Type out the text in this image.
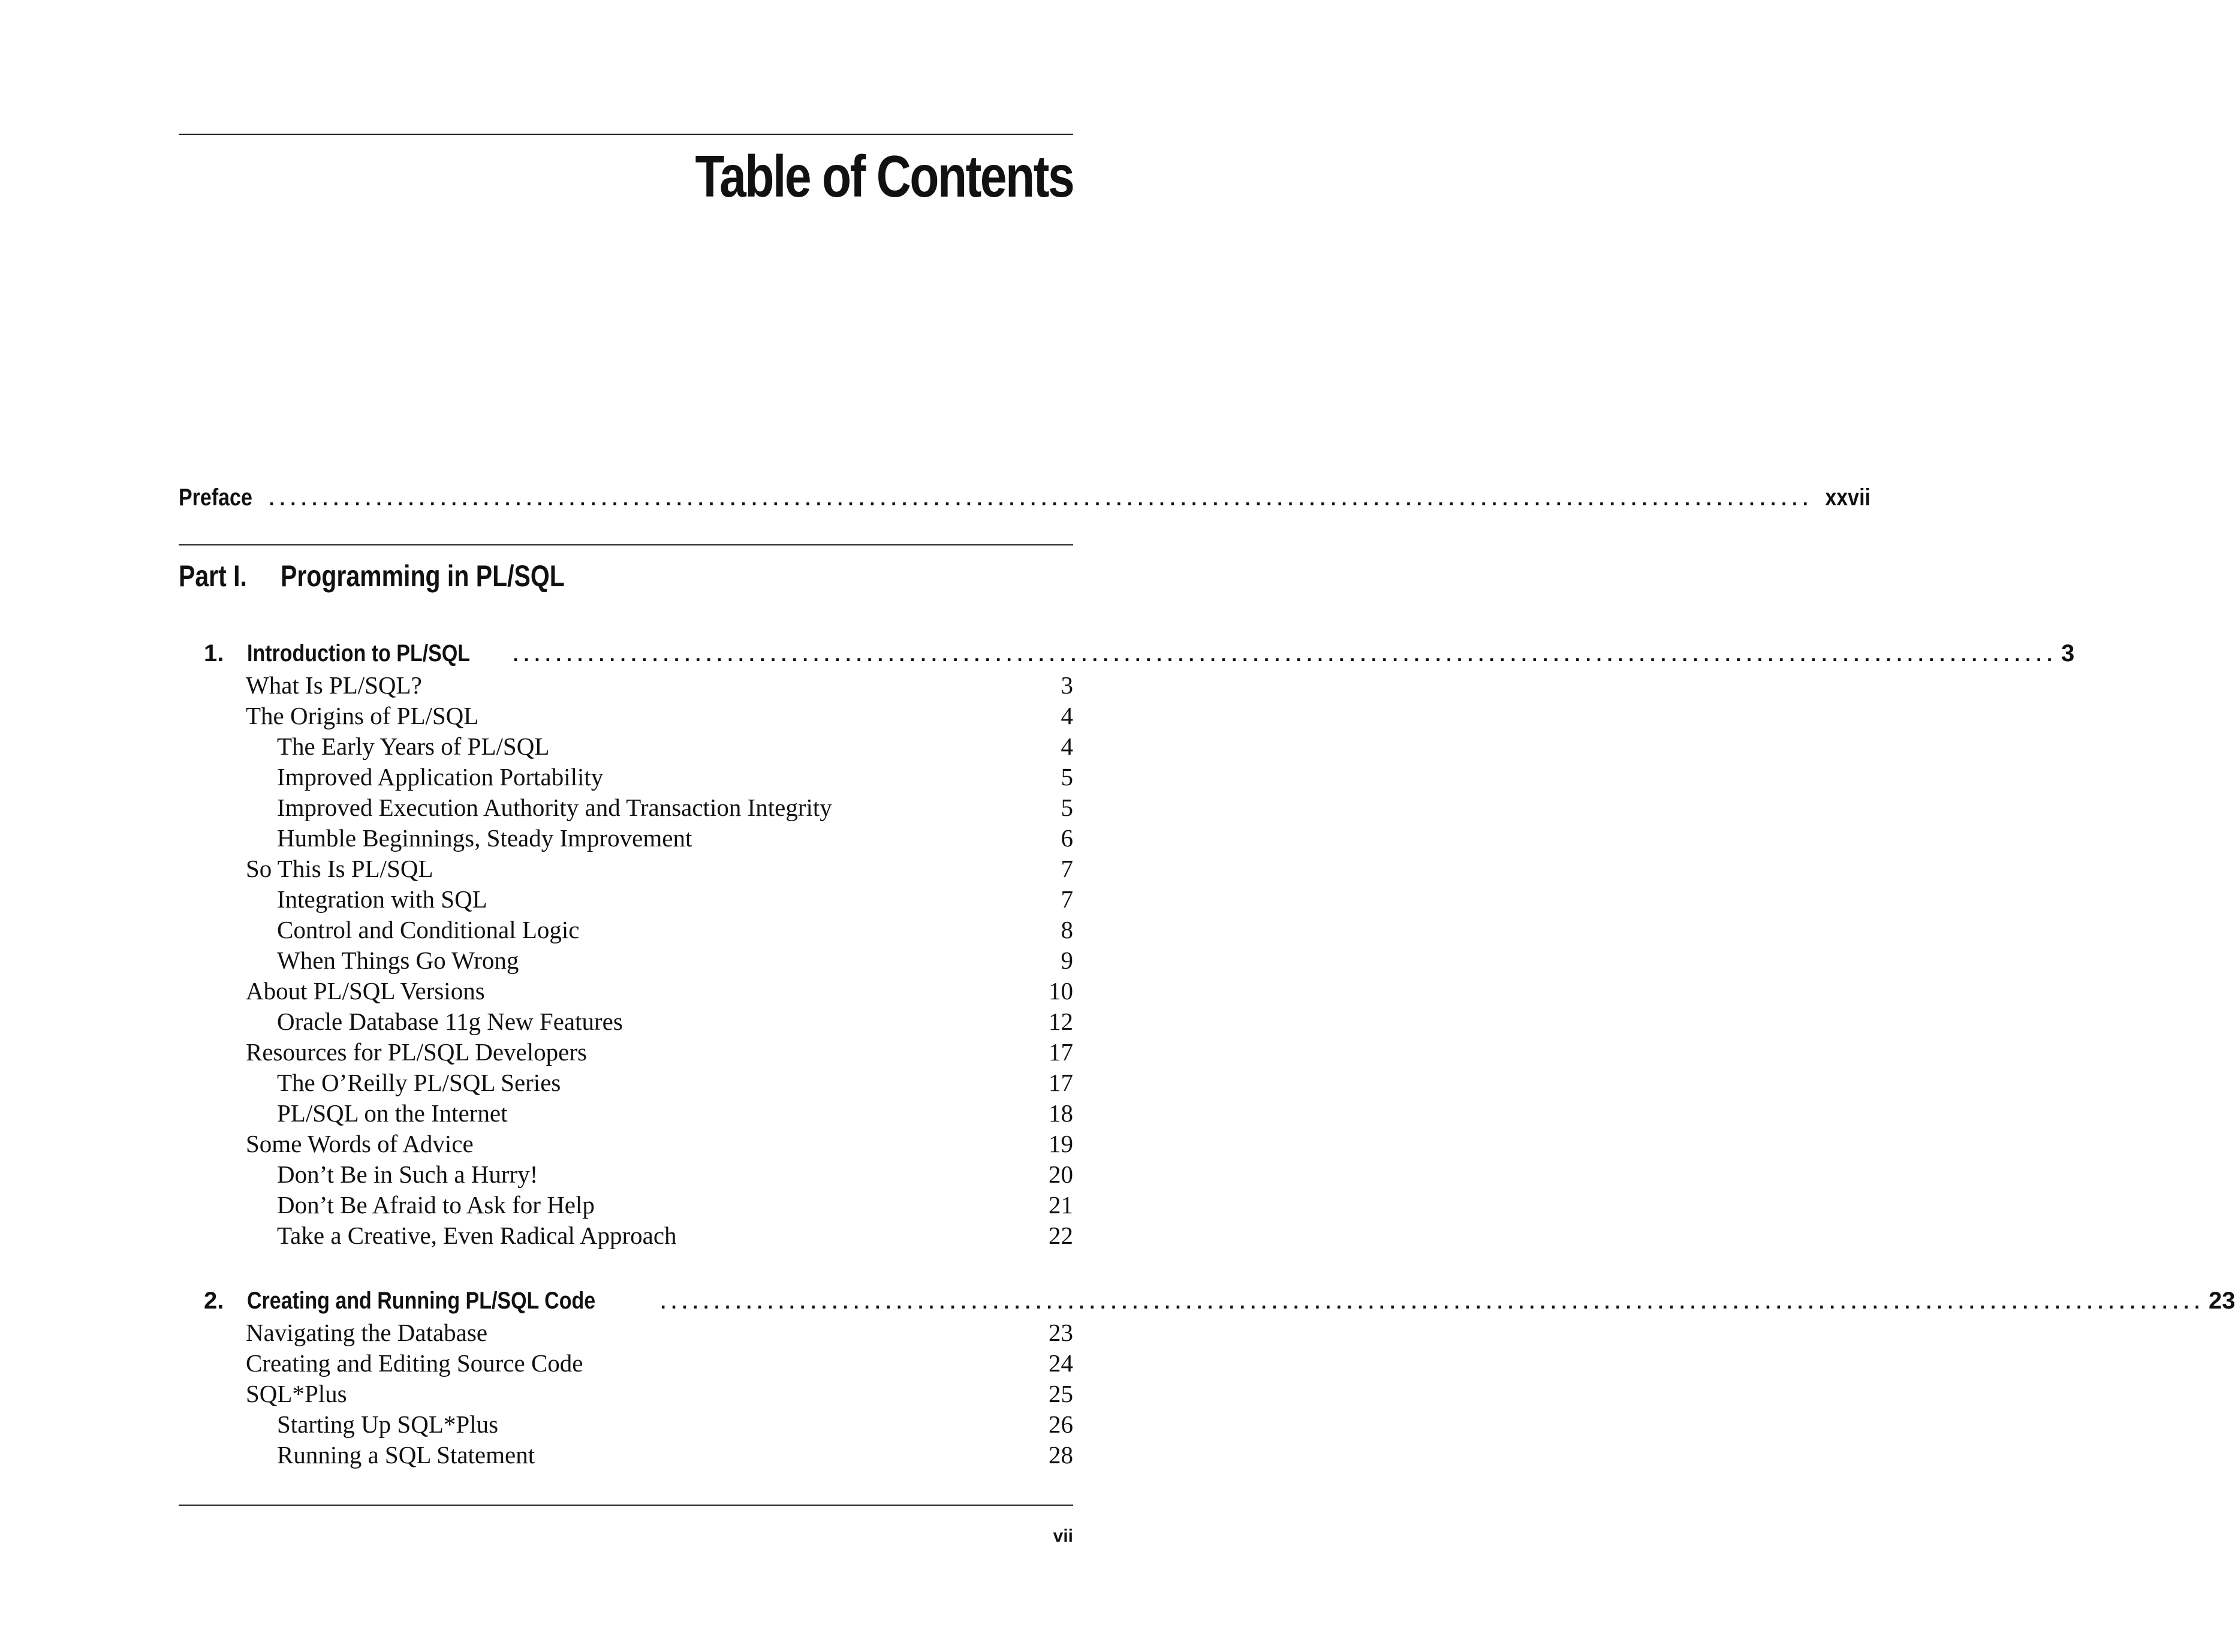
Table of Contents
Preface ................................................................................................................................................ xxvii
Part I. Programming in PL/SQL
1. Introduction to PL/SQL ................................................................................................................................................ 3
What Is PL/SQL?	3
The Origins of PL/SQL	4
The Early Years of PL/SQL	4
Improved Application Portability	5
Improved Execution Authority and Transaction Integrity	5
Humble Beginnings, Steady Improvement	6
So This Is PL/SQL	7
Integration with SQL	7
Control and Conditional Logic	8
When Things Go Wrong	9
About PL/SQL Versions	10
Oracle Database 11g New Features	12
Resources for PL/SQL Developers	17
The O’Reilly PL/SQL Series	17
PL/SQL on the Internet	18
Some Words of Advice	19
Don’t Be in Such a Hurry!	20
Don’t Be Afraid to Ask for Help	21
Take a Creative, Even Radical Approach	22
2. Creating and Running PL/SQL Code	................................................................................................................................................ 23
Navigating the Database	23
Creating and Editing Source Code	24
SQL*Plus	25
Starting Up SQL*Plus	26
Running a SQL Statement	28
vii
